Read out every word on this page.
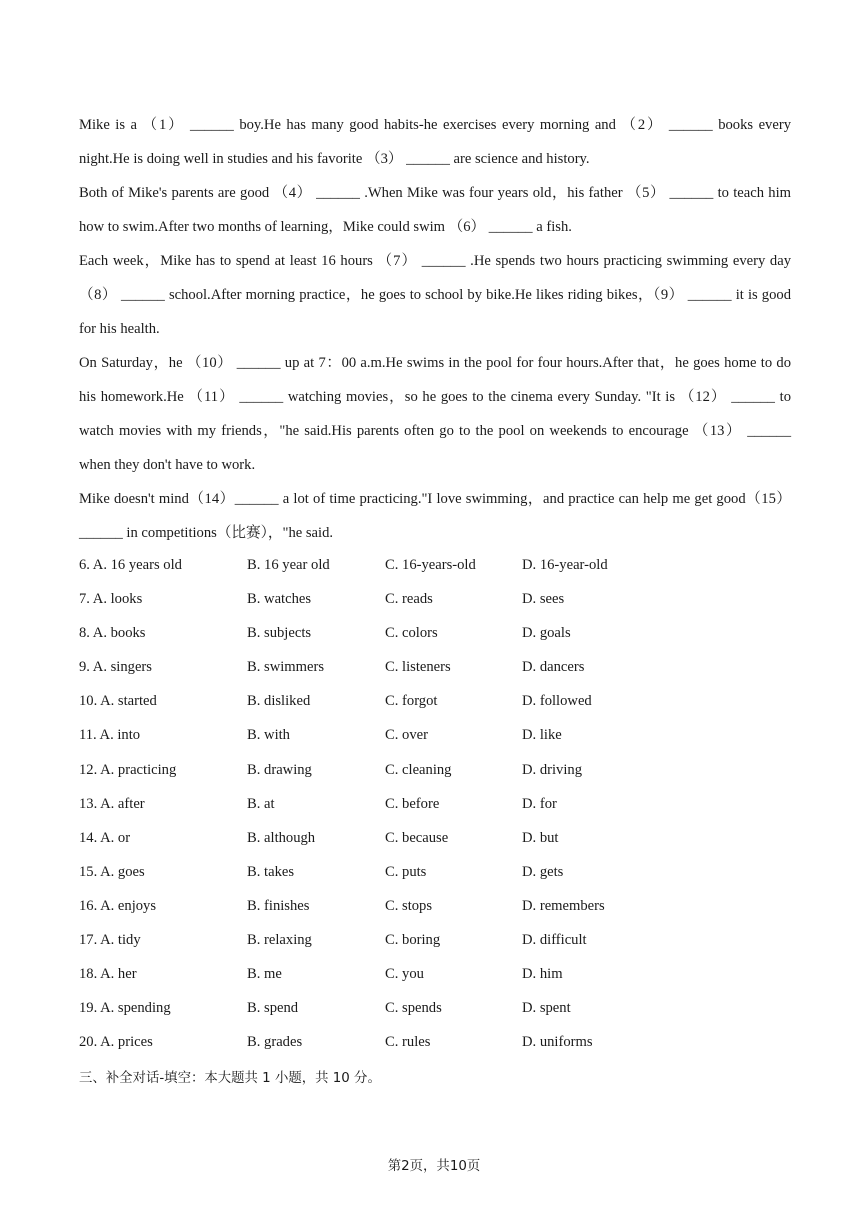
Mike is a （1） ______ boy.He has many good habits-he exercises every morning and （2） ______ books every night.He is doing well in studies and his favorite （3） ______ are science and history.

Both of Mike's parents are good （4） ______ .When Mike was four years old，his father （5） ______ to teach him how to swim.After two months of learning，Mike could swim （6） ______ a fish.

Each week，Mike has to spend at least 16 hours （7） ______ .He spends two hours practicing swimming every day （8） ______ school.After morning practice，he goes to school by bike.He likes riding bikes，（9） ______ it is good for his health.

On Saturday，he （10） ______ up at 7：00 a.m.He swims in the pool for four hours.After that，he goes home to do his homework.He （11） ______ watching movies，so he goes to the cinema every Sunday. "It is （12） ______ to watch movies with my friends，"he said.His parents often go to the pool on weekends to encourage （13） ______ when they don't have to work.

Mike doesn't mind（14）______ a lot of time practicing."I love swimming，and practice can help me get good（15）______ in competitions（比赛），"he said.

6. A. 16 years old	B. 16 year old	C. 16-years-old	D. 16-year-old
7. A. looks	B. watches	C. reads	D. sees
8. A. books	B. subjects	C. colors	D. goals
9. A. singers	B. swimmers	C. listeners	D. dancers
10. A. started	B. disliked	C. forgot	D. followed
11. A. into	B. with	C. over	D. like
12. A. practicing	B. drawing	C. cleaning	D. driving
13. A. after	B. at	C. before	D. for
14. A. or	B. although	C. because	D. but
15. A. goes	B. takes	C. puts	D. gets
16. A. enjoys	B. finishes	C. stops	D. remembers
17. A. tidy	B. relaxing	C. boring	D. difficult
18. A. her	B. me	C. you	D. him
19. A. spending	B. spend	C. spends	D. spent
20. A. prices	B. grades	C. rules	D. uniforms
三、补全对话-填空：本大题共 1 小题，共 10 分。
第2页，共10页
